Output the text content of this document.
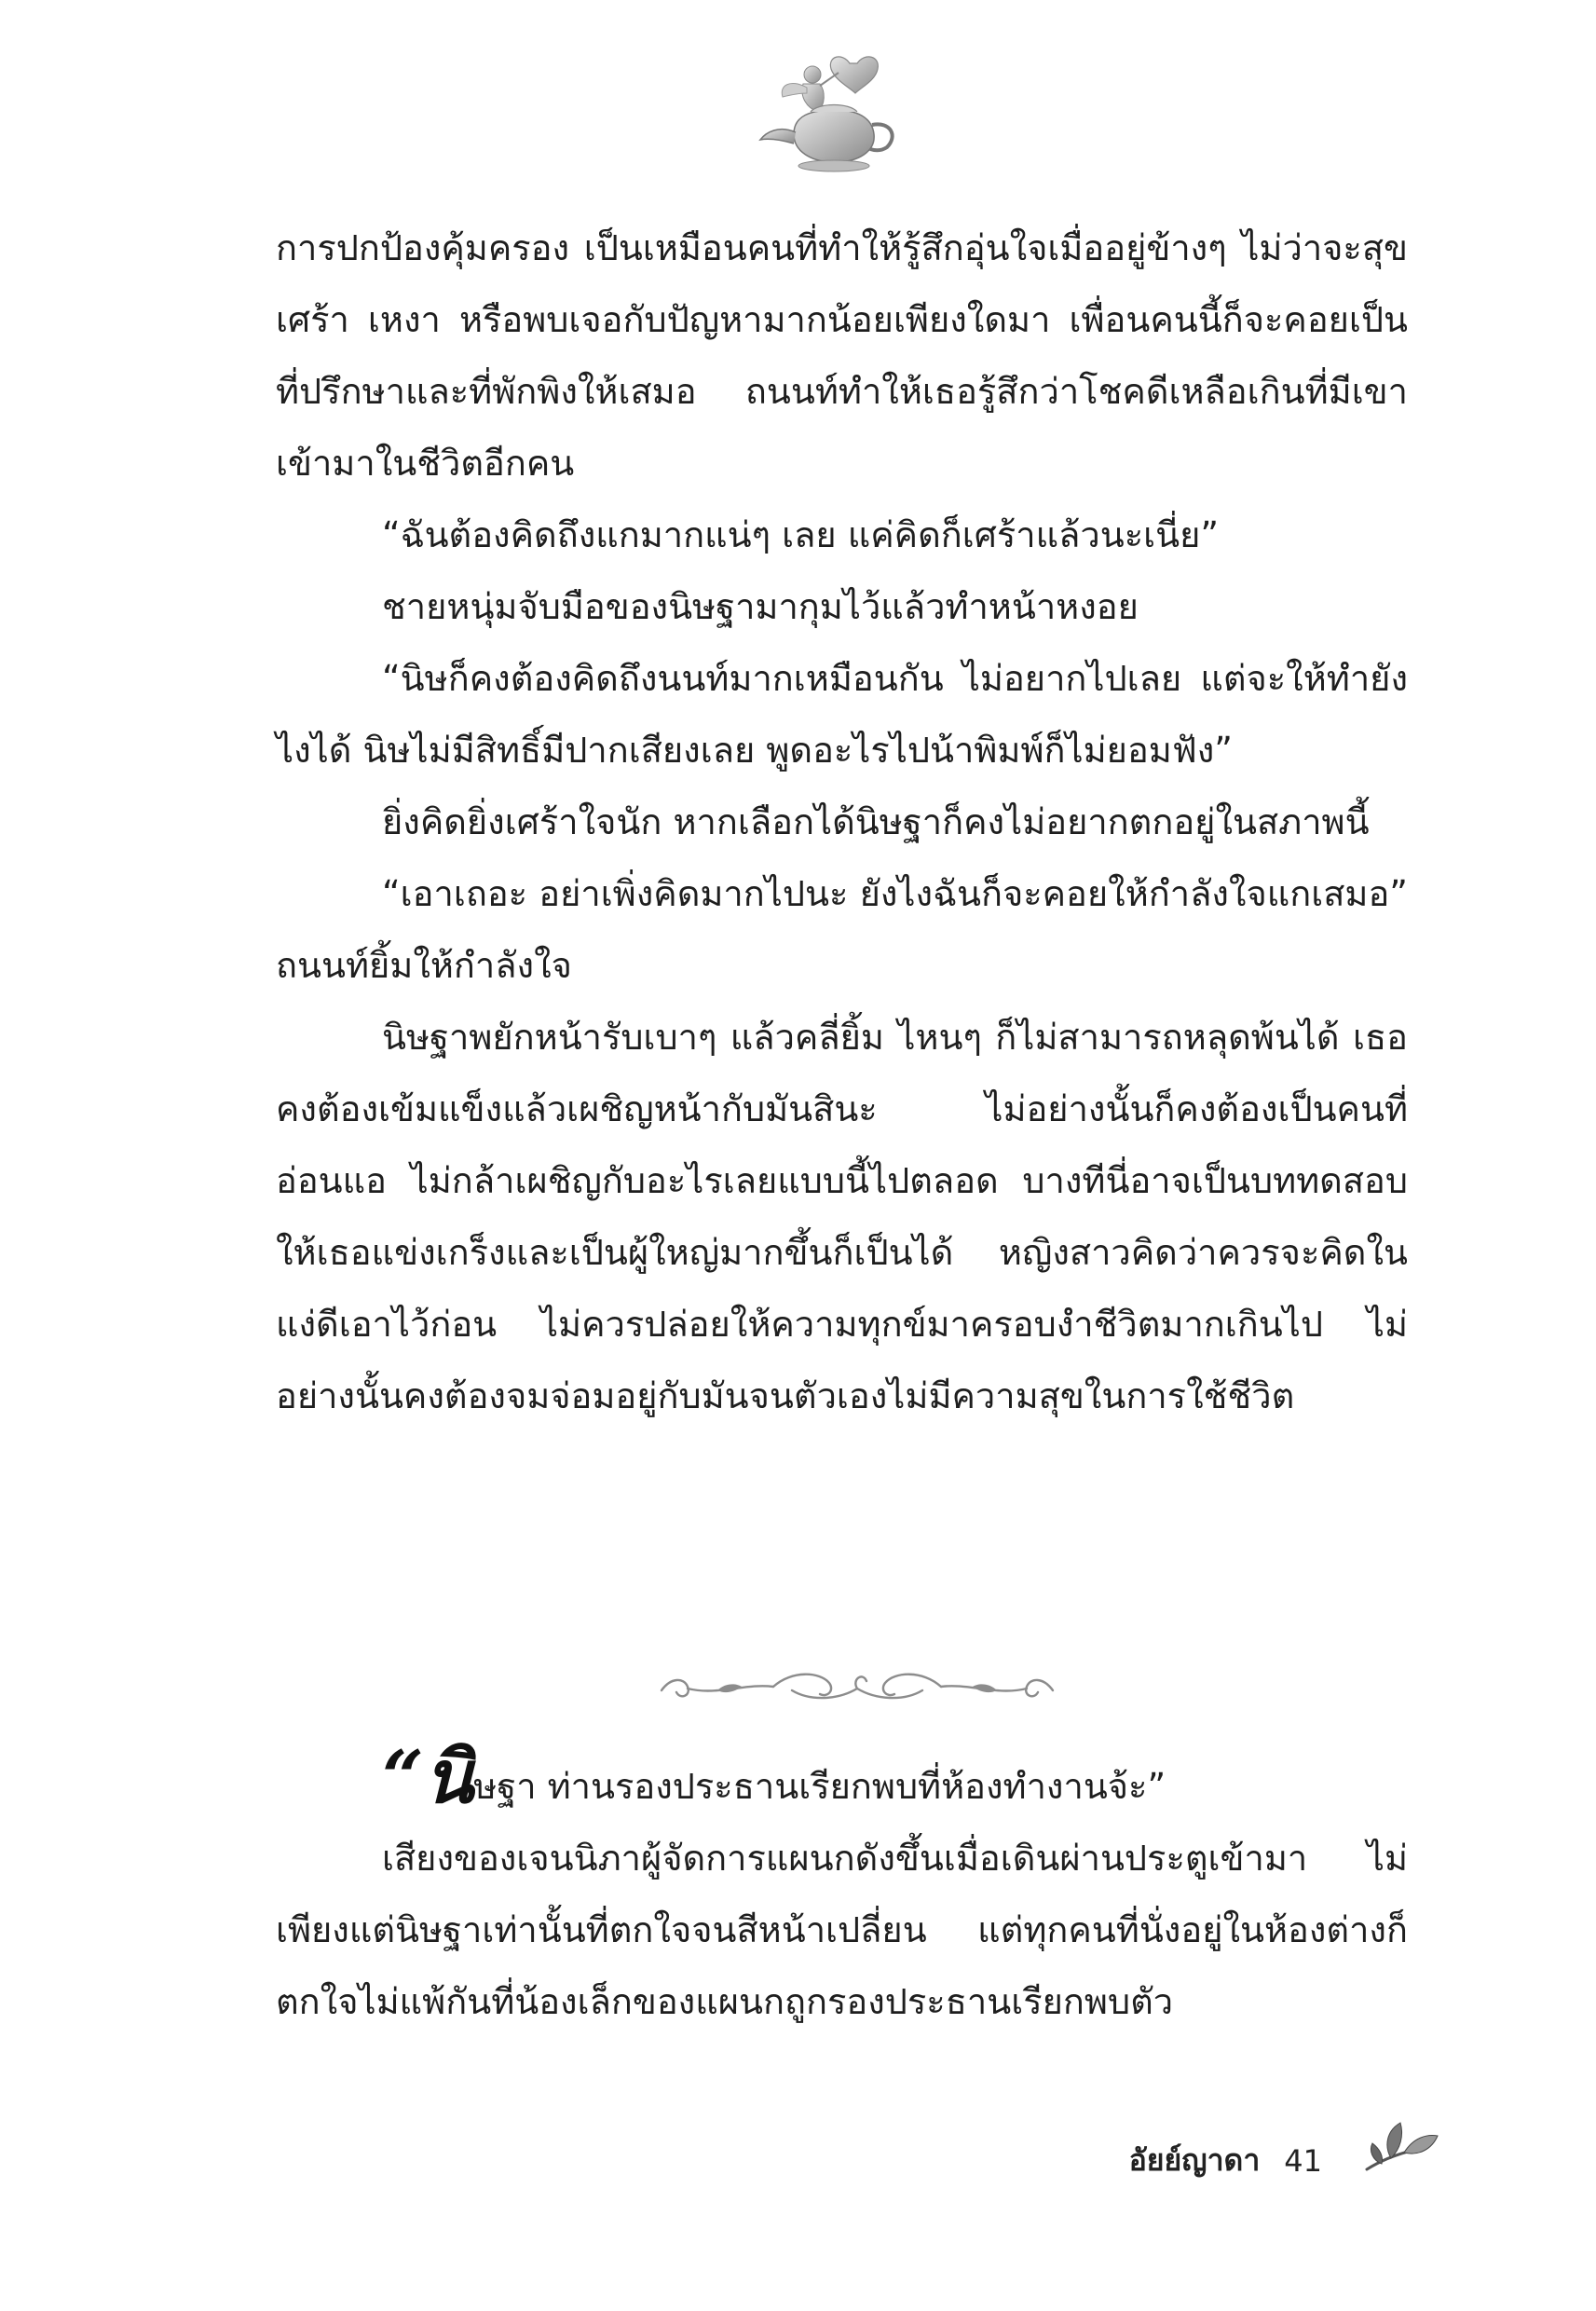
การปกป้องคุ้มครอง เป็นเหมือนคนที่ทำให้รู้สึกอุ่นใจเมื่ออยู่ข้างๆ ไม่ว่าจะสุข เศร้า เหงา หรือพบเจอกับปัญหามากน้อยเพียงใดมา เพื่อนคนนี้ก็จะคอยเป็นที่ปรึกษาและที่พักพิงให้เสมอ ถนนท์ทำให้เธอรู้สึกว่าโชคดีเหลือเกินที่มีเขาเข้ามาในชีวิตอีกคน

“ฉันต้องคิดถึงแกมากแน่ๆ เลย แค่คิดก็เศร้าแล้วนะเนี่ย”

ชายหนุ่มจับมือของนิษฐามากุมไว้แล้วทำหน้าหงอย

“นิษก็คงต้องคิดถึงนนท์มากเหมือนกัน ไม่อยากไปเลย แต่จะให้ทำยังไงได้ นิษไม่มีสิทธิ์มีปากเสียงเลย พูดอะไรไปน้าพิมพ์ก็ไม่ยอมฟัง”

ยิ่งคิดยิ่งเศร้าใจนัก หากเลือกได้นิษฐาก็คงไม่อยากตกอยู่ในสภาพนี้

“เอาเถอะ อย่าเพิ่งคิดมากไปนะ ยังไงฉันก็จะคอยให้กำลังใจแกเสมอ” ถนนท์ยิ้มให้กำลังใจ

นิษฐาพยักหน้ารับเบาๆ แล้วคลี่ยิ้ม ไหนๆ ก็ไม่สามารถหลุดพ้นได้ เธอคงต้องเข้มแข็งแล้วเผชิญหน้ากับมันสินะ ไม่อย่างนั้นก็คงต้องเป็นคนที่อ่อนแอ ไม่กล้าเผชิญกับอะไรเลยแบบนี้ไปตลอด บางทีนี่อาจเป็นบททดสอบให้เธอแข่งเกร็งและเป็นผู้ใหญ่มากขึ้นก็เป็นได้ หญิงสาวคิดว่าควรจะคิดในแง่ดีเอาไว้ก่อน ไม่ควรปล่อยให้ความทุกข์มาครอบงำชีวิตมากเกินไป ไม่อย่างนั้นคงต้องจมจ่อมอยู่กับมันจนตัวเองไม่มีความสุขในการใช้ชีวิต

“นิษฐา ท่านรองประธานเรียกพบที่ห้องทำงานจ้ะ”

เสียงของเจนนิภาผู้จัดการแผนกดังขึ้นเมื่อเดินผ่านประตูเข้ามา ไม่เพียงแต่นิษฐาเท่านั้นที่ตกใจจนสีหน้าเปลี่ยน แต่ทุกคนที่นั่งอยู่ในห้องต่างก็ตกใจไม่แพ้กันที่น้องเล็กของแผนกถูกรองประธานเรียกพบตัว

อัยย์ญาดา 41
